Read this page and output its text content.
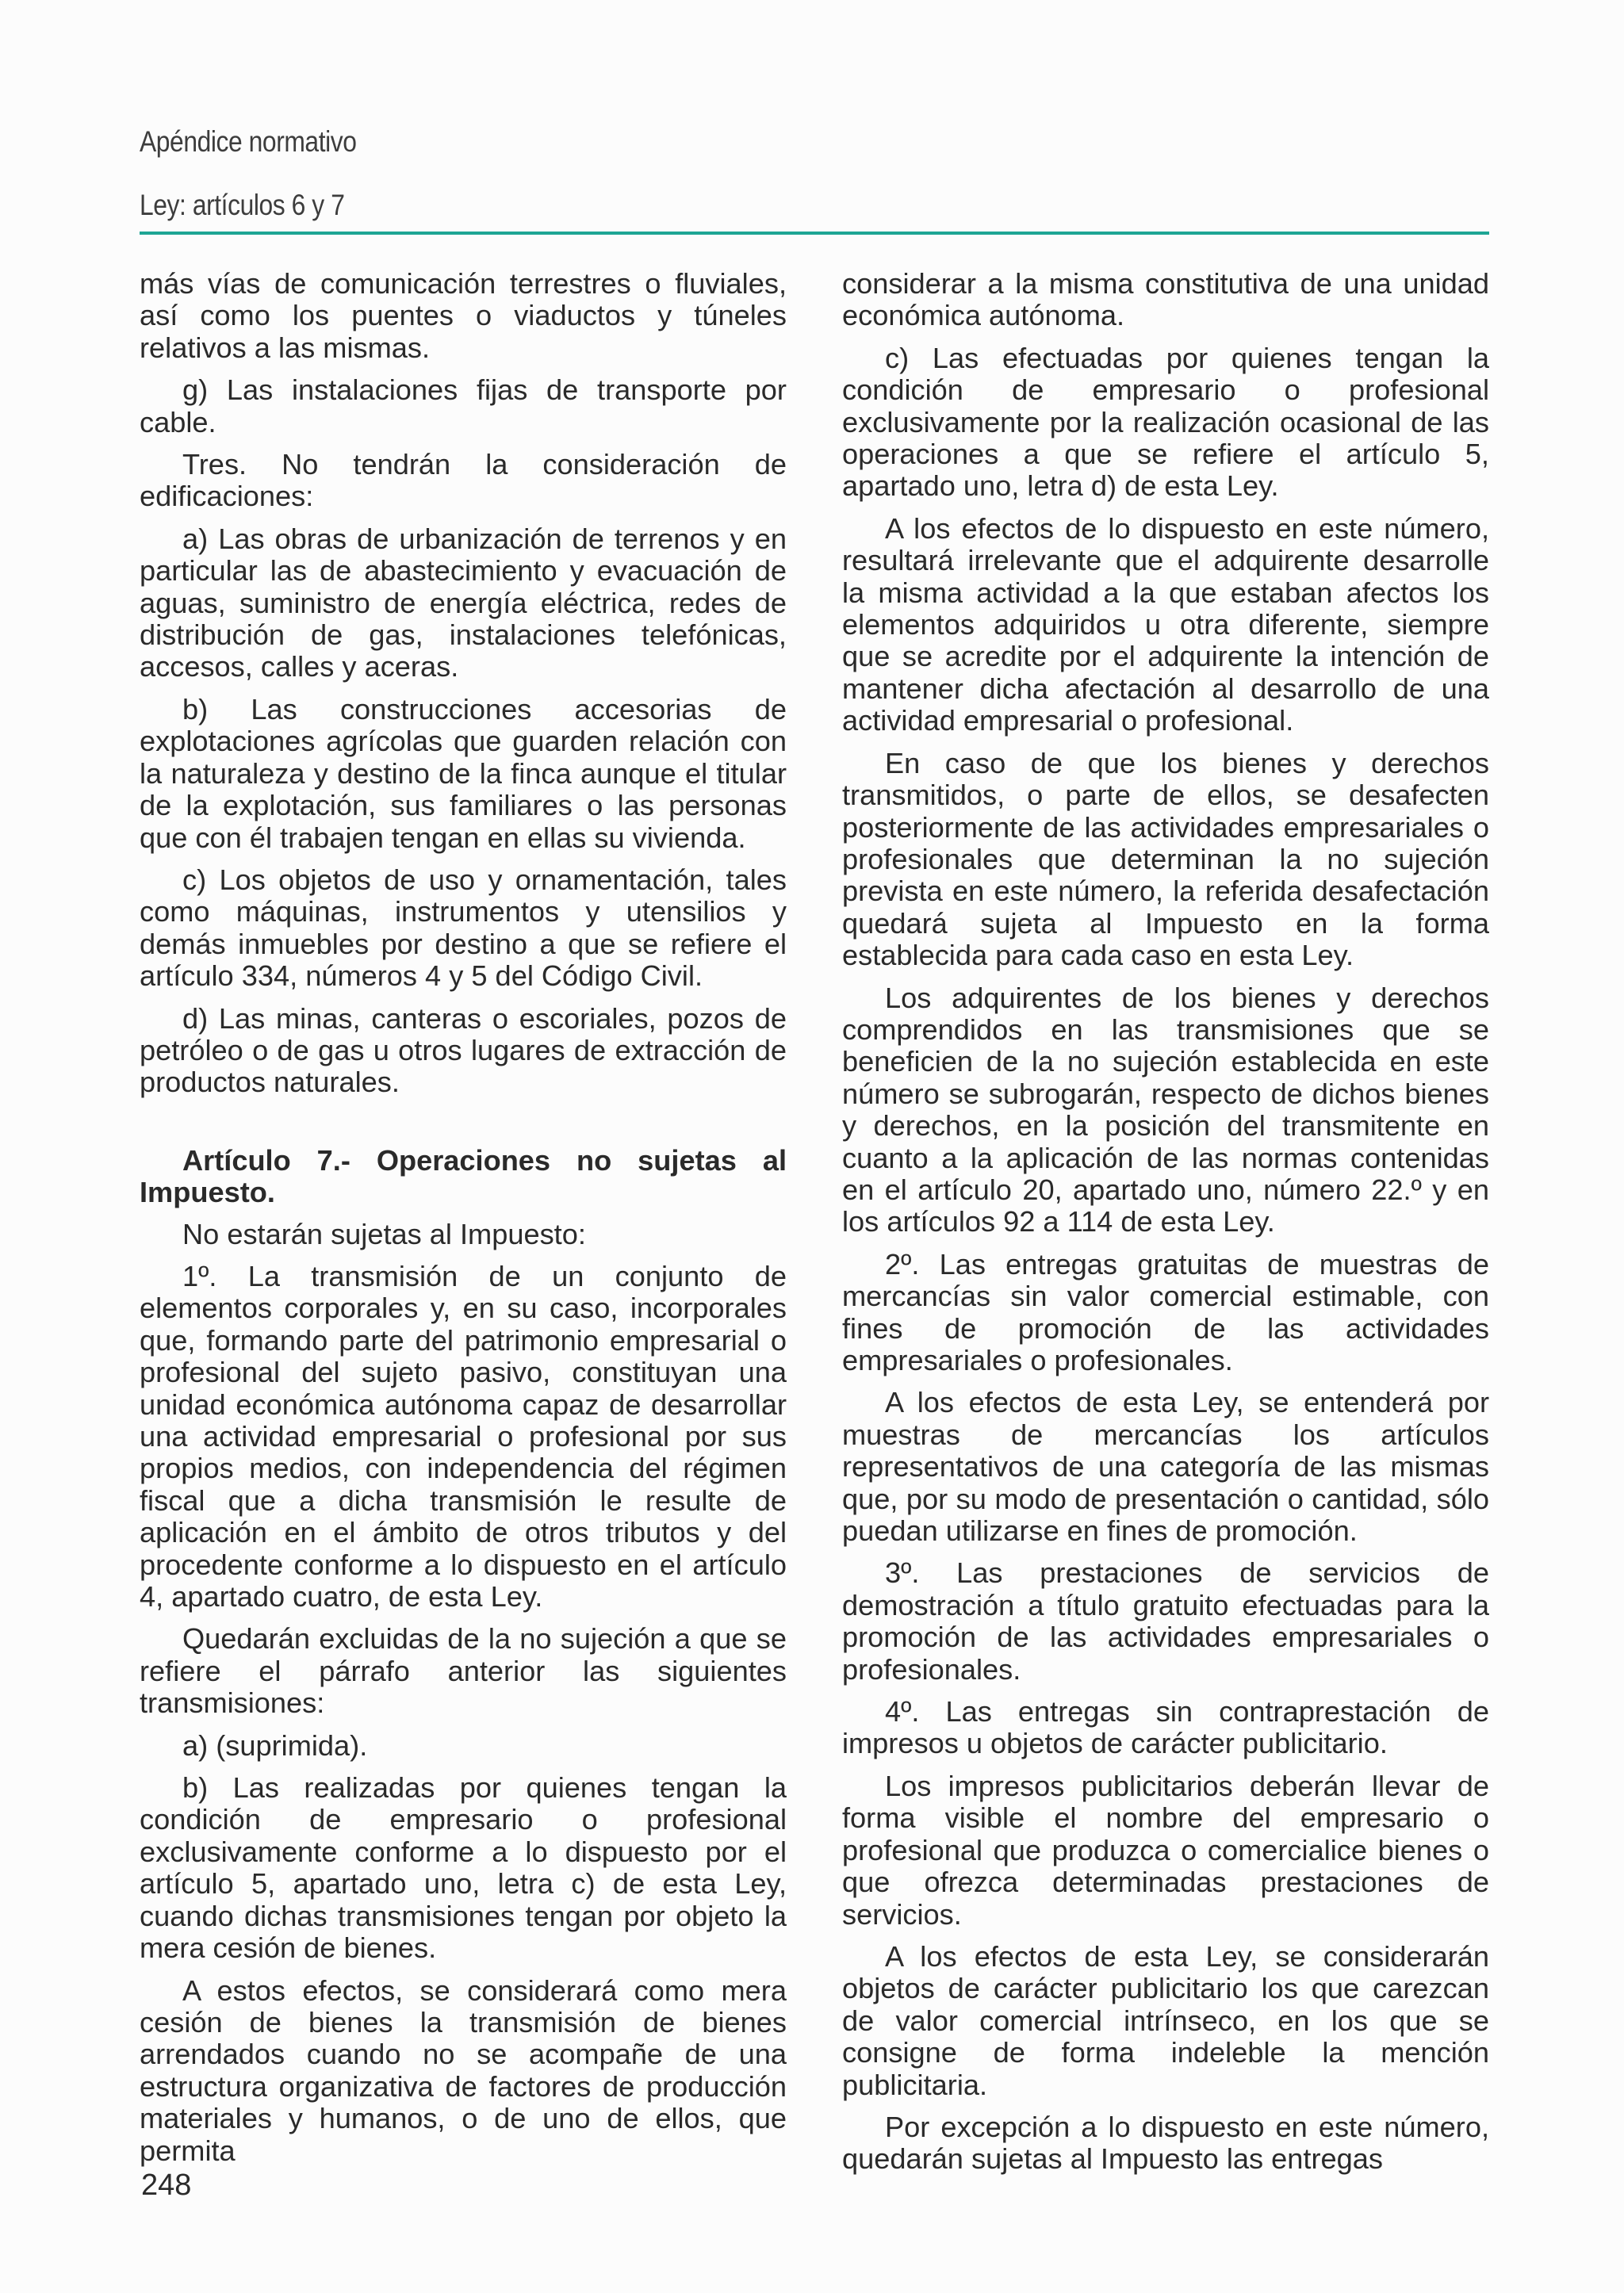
Apéndice normativo
Ley: artículos 6 y 7

más vías de comunicación terrestres o fluviales, así como los puentes o viaductos y túneles relativos a las mismas.

g) Las instalaciones fijas de transporte por cable.

Tres. No tendrán la consideración de edificaciones:

a) Las obras de urbanización de terrenos y en particular las de abastecimiento y evacuación de aguas, suministro de energía eléctrica, redes de distribución de gas, instalaciones telefónicas, accesos, calles y aceras.

b) Las construcciones accesorias de explotaciones agrícolas que guarden relación con la naturaleza y destino de la finca aunque el titular de la explotación, sus familiares o las personas que con él trabajen tengan en ellas su vivienda.

c) Los objetos de uso y ornamentación, tales como máquinas, instrumentos y utensilios y demás inmuebles por destino a que se refiere el artículo 334, números 4 y 5 del Código Civil.

d) Las minas, canteras o escoriales, pozos de petróleo o de gas u otros lugares de extracción de productos naturales.

Artículo 7.- Operaciones no sujetas al Impuesto.

No estarán sujetas al Impuesto:

1º. La transmisión de un conjunto de elementos corporales y, en su caso, incorporales que, formando parte del patrimonio empresarial o profesional del sujeto pasivo, constituyan una unidad económica autónoma capaz de desarrollar una actividad empresarial o profesional por sus propios medios, con independencia del régimen fiscal que a dicha transmisión le resulte de aplicación en el ámbito de otros tributos y del procedente conforme a lo dispuesto en el artículo 4, apartado cuatro, de esta Ley.

Quedarán excluidas de la no sujeción a que se refiere el párrafo anterior las siguientes transmisiones:

a) (suprimida).

b) Las realizadas por quienes tengan la condición de empresario o profesional exclusivamente conforme a lo dispuesto por el artículo 5, apartado uno, letra c) de esta Ley, cuando dichas transmisiones tengan por objeto la mera cesión de bienes.

A estos efectos, se considerará como mera cesión de bienes la transmisión de bienes arrendados cuando no se acompañe de una estructura organizativa de factores de producción materiales y humanos, o de uno de ellos, que permita

considerar a la misma constitutiva de una unidad económica autónoma.

c) Las efectuadas por quienes tengan la condición de empresario o profesional exclusivamente por la realización ocasional de las operaciones a que se refiere el artículo 5, apartado uno, letra d) de esta Ley.

A los efectos de lo dispuesto en este número, resultará irrelevante que el adquirente desarrolle la misma actividad a la que estaban afectos los elementos adquiridos u otra diferente, siempre que se acredite por el adquirente la intención de mantener dicha afectación al desarrollo de una actividad empresarial o profesional.

En caso de que los bienes y derechos transmitidos, o parte de ellos, se desafecten posteriormente de las actividades empresariales o profesionales que determinan la no sujeción prevista en este número, la referida desafectación quedará sujeta al Impuesto en la forma establecida para cada caso en esta Ley.

Los adquirentes de los bienes y derechos comprendidos en las transmisiones que se beneficien de la no sujeción establecida en este número se subrogarán, respecto de dichos bienes y derechos, en la posición del transmitente en cuanto a la aplicación de las normas contenidas en el artículo 20, apartado uno, número 22.º y en los artículos 92 a 114 de esta Ley.

2º. Las entregas gratuitas de muestras de mercancías sin valor comercial estimable, con fines de promoción de las actividades empresariales o profesionales.

A los efectos de esta Ley, se entenderá por muestras de mercancías los artículos representativos de una categoría de las mismas que, por su modo de presentación o cantidad, sólo puedan utilizarse en fines de promoción.

3º. Las prestaciones de servicios de demostración a título gratuito efectuadas para la promoción de las actividades empresariales o profesionales.

4º. Las entregas sin contraprestación de impresos u objetos de carácter publicitario.

Los impresos publicitarios deberán llevar de forma visible el nombre del empresario o profesional que produzca o comercialice bienes o que ofrezca determinadas prestaciones de servicios.

A los efectos de esta Ley, se considerarán objetos de carácter publicitario los que carezcan de valor comercial intrínseco, en los que se consigne de forma indeleble la mención publicitaria.

Por excepción a lo dispuesto en este número, quedarán sujetas al Impuesto las entregas

248
